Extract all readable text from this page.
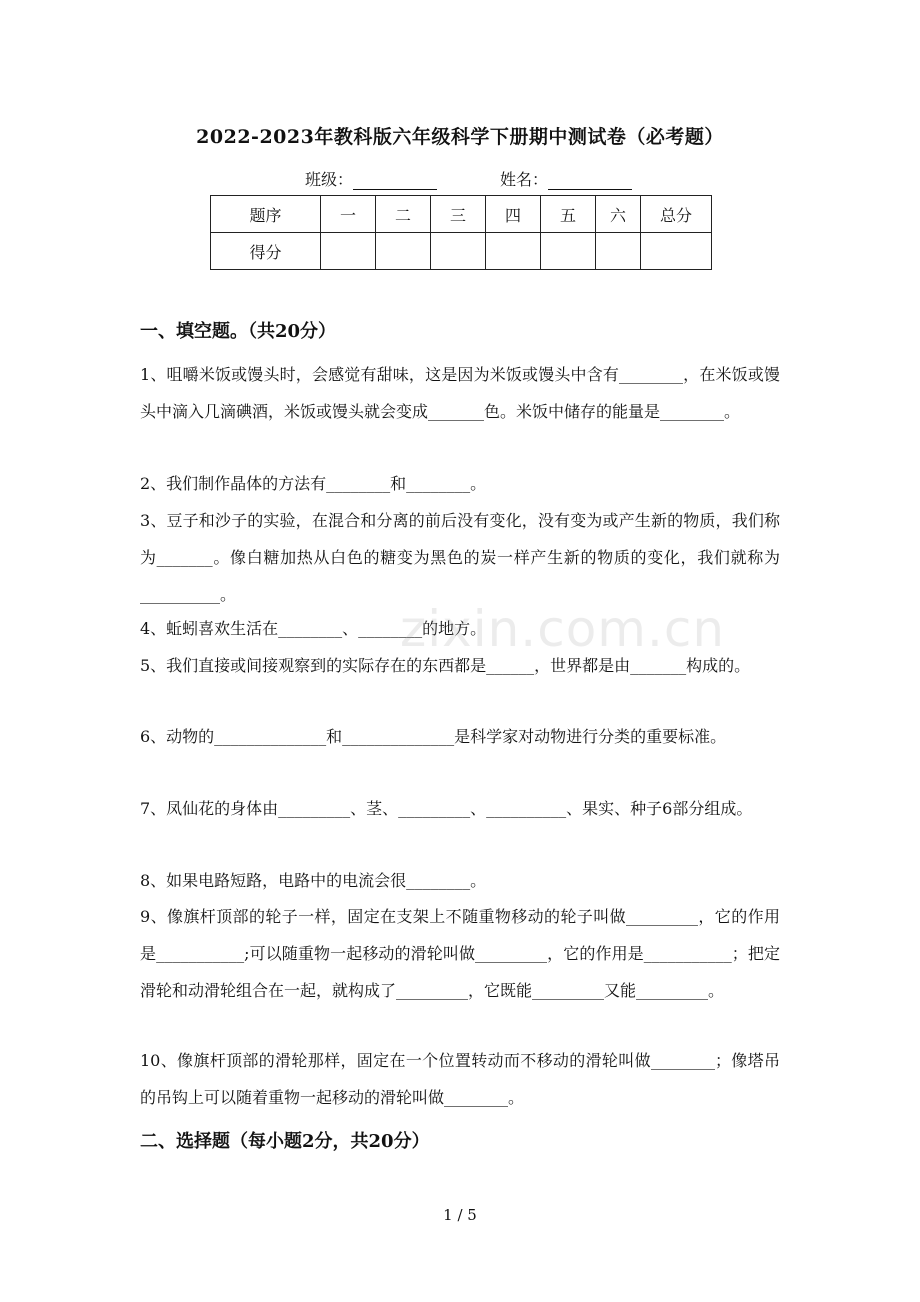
2022-2023年教科版六年级科学下册期中测试卷（必考题）
班级：	姓名：
题序	一	二	三	四	五	六	总分
得分							
一、填空题。（共20分）
1、咀嚼米饭或馒头时，会感觉有甜味，这是因为米饭或馒头中含有________，在米饭或馒头中滴入几滴碘酒，米饭或馒头就会变成_______色。米饭中储存的能量是________。
2、我们制作晶体的方法有________和________。
3、豆子和沙子的实验，在混合和分离的前后没有变化，没有变为或产生新的物质，我们称为_______。像白糖加热从白色的糖变为黑色的炭一样产生新的物质的变化，我们就称为__________。
4、蚯蚓喜欢生活在________、________的地方。
5、我们直接或间接观察到的实际存在的东西都是______，世界都是由_______构成的。
6、动物的______________和______________是科学家对动物进行分类的重要标准。
7、凤仙花的身体由_________、茎、_________、__________、果实、种子6部分组成。
8、如果电路短路，电路中的电流会很________。
9、像旗杆顶部的轮子一样，固定在支架上不随重物移动的轮子叫做_________，它的作用是___________;可以随重物一起移动的滑轮叫做_________，它的作用是___________；把定滑轮和动滑轮组合在一起，就构成了_________，它既能_________又能_________。
10、像旗杆顶部的滑轮那样，固定在一个位置转动而不移动的滑轮叫做________；像塔吊的吊钩上可以随着重物一起移动的滑轮叫做________。
二、选择题（每小题2分，共20分）
zixin.com.cn
1 / 5
